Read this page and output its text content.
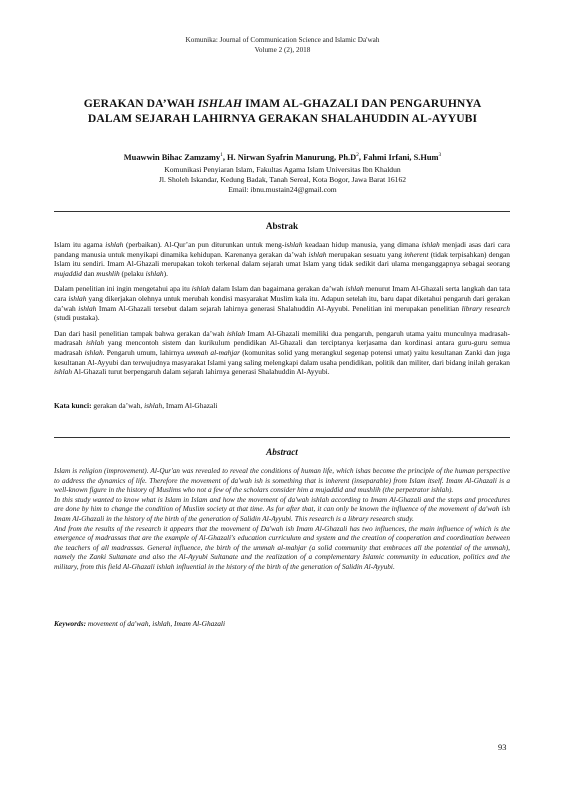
Komunika: Journal of Communication Science and Islamic Da'wah
Volume 2 (2), 2018
GERAKAN DA’WAH ISHLAH IMAM AL-GHAZALI DAN PENGARUHNYA
DALAM SEJARAH LAHIRNYA GERAKAN SHALAHUDDIN AL-AYYUBI
Muawwin Bihac Zamzamy$^1$, H. Nirwan Syafrin Manurung, $Ph.D^2$, Fahmi Irfani, S.Hum$^3$
Komunikasi Penyiaran Islam, Fakultas Agama Islam Universitas Ibn Khaldun
Jl. Sholeh Iskandar, Kedung Badak, Tanah Sereal, Kota Bogor, Jawa Barat 16162
Email: ibnu.mustain24@gmail.com
Abstrak

Islam itu agama ishlah (perbaikan). Al-Qur’an pun diturunkan untuk meng-ishlah keadaan hidup manusia, yang dimana ishlah menjadi asas dari cara pandang manusia untuk menyikapi dinamika kehidupan. Karenanya gerakan da’wah ishlah merupakan sesuatu yang inherent (tidak terpisahkan) dengan Islam itu sendiri. Imam Al-Ghazali merupakan tokoh terkenal dalam sejarah umat Islam yang tidak sedikit dari ulama menganggapnya sebagai seorang mujaddid dan mushlih (pelaku ishlah).

Dalam penelitian ini ingin mengetahui apa itu ishlah dalam Islam dan bagaimana gerakan da’wah ishlah menurut Imam Al-Ghazali serta langkah dan tata cara ishlah yang dikerjakan olehnya untuk merubah kondisi masyarakat Muslim kala itu. Adapun setelah itu, baru dapat diketahui pengaruh dari gerakan da’wah ishlah Imam Al-Ghazali tersebut dalam sejarah lahirnya generasi Shalahuddin Al-Ayyubi. Penelitian ini merupakan penelitian library research (studi pustaka).

Dan dari hasil penelitian tampak bahwa gerakan da’wah ishlah Imam Al-Ghazali memiliki dua pengaruh, pengaruh utama yaitu munculnya madrasah-madrasah ishlah yang mencontoh sistem dan kurikulum pendidikan Al-Ghazali dan terciptanya kerjasama dan kordinasi antara guru-guru semua madrasah ishlah. Pengaruh umum, lahirnya ummah al-mahjar (komunitas solid yang merangkul segenap potensi umat) yaitu kesultanan Zanki dan juga kesultanan Al-Ayyubi dan terwujudnya masyarakat Islami yang saling melengkapi dalam usaha pendidikan, politik dan militer, dari bidang inilah gerakan ishlah Al-Ghazali turut berpengaruh dalam sejarah lahirnya generasi Shalahuddin Al-Ayyubi.

Kata kunci: gerakan da’wah, ishlah, Imam Al-Ghazali
Abstract

Islam is religion (improvement). Al-Qur'an was revealed to reveal the conditions of human life, which ishas become the principle of the human perspective to address the dynamics of life. Therefore the movement of da'wah ish is something that is inherent (inseparable) from Islam itself. Imam Al-Ghazali is a well-known figure in the history of Muslims who not a few of the scholars consider him a mujaddid and mushlih (the perpetrator ishlah).

In this study wanted to know what is Islam in Islam and how the movement of da'wah ishlah according to Imam Al-Ghazali and the steps and procedures are done by him to change the condition of Muslim society at that time. As for after that, it can only be known the influence of the movement of da'wah ish Imam Al-Ghazali in the history of the birth of the generation of Salidin Al-Ayyubi. This research is a library research study.

And from the results of the research it appears that the movement of Da'wah ish Imam Al-Ghazali has two influences, the main influence of which is the emergence of madrassas that are the example of Al-Ghazali's education curriculum and system and the creation of cooperation and coordination between the teachers of all madrassas. General influence, the birth of the ummah al-mahjar (a solid community that embraces all the potential of the ummah), namely the Zanki Sultanate and also the Al-Ayyubi Sultanate and the realization of a complementary Islamic community in education, politics and the military, from this field Al-Ghazali ishlah influential in the history of the birth of the generation of Salidin Al-Ayyubi.

Keywords: movement of da'wah, ishlah, Imam Al-Ghazali
93
